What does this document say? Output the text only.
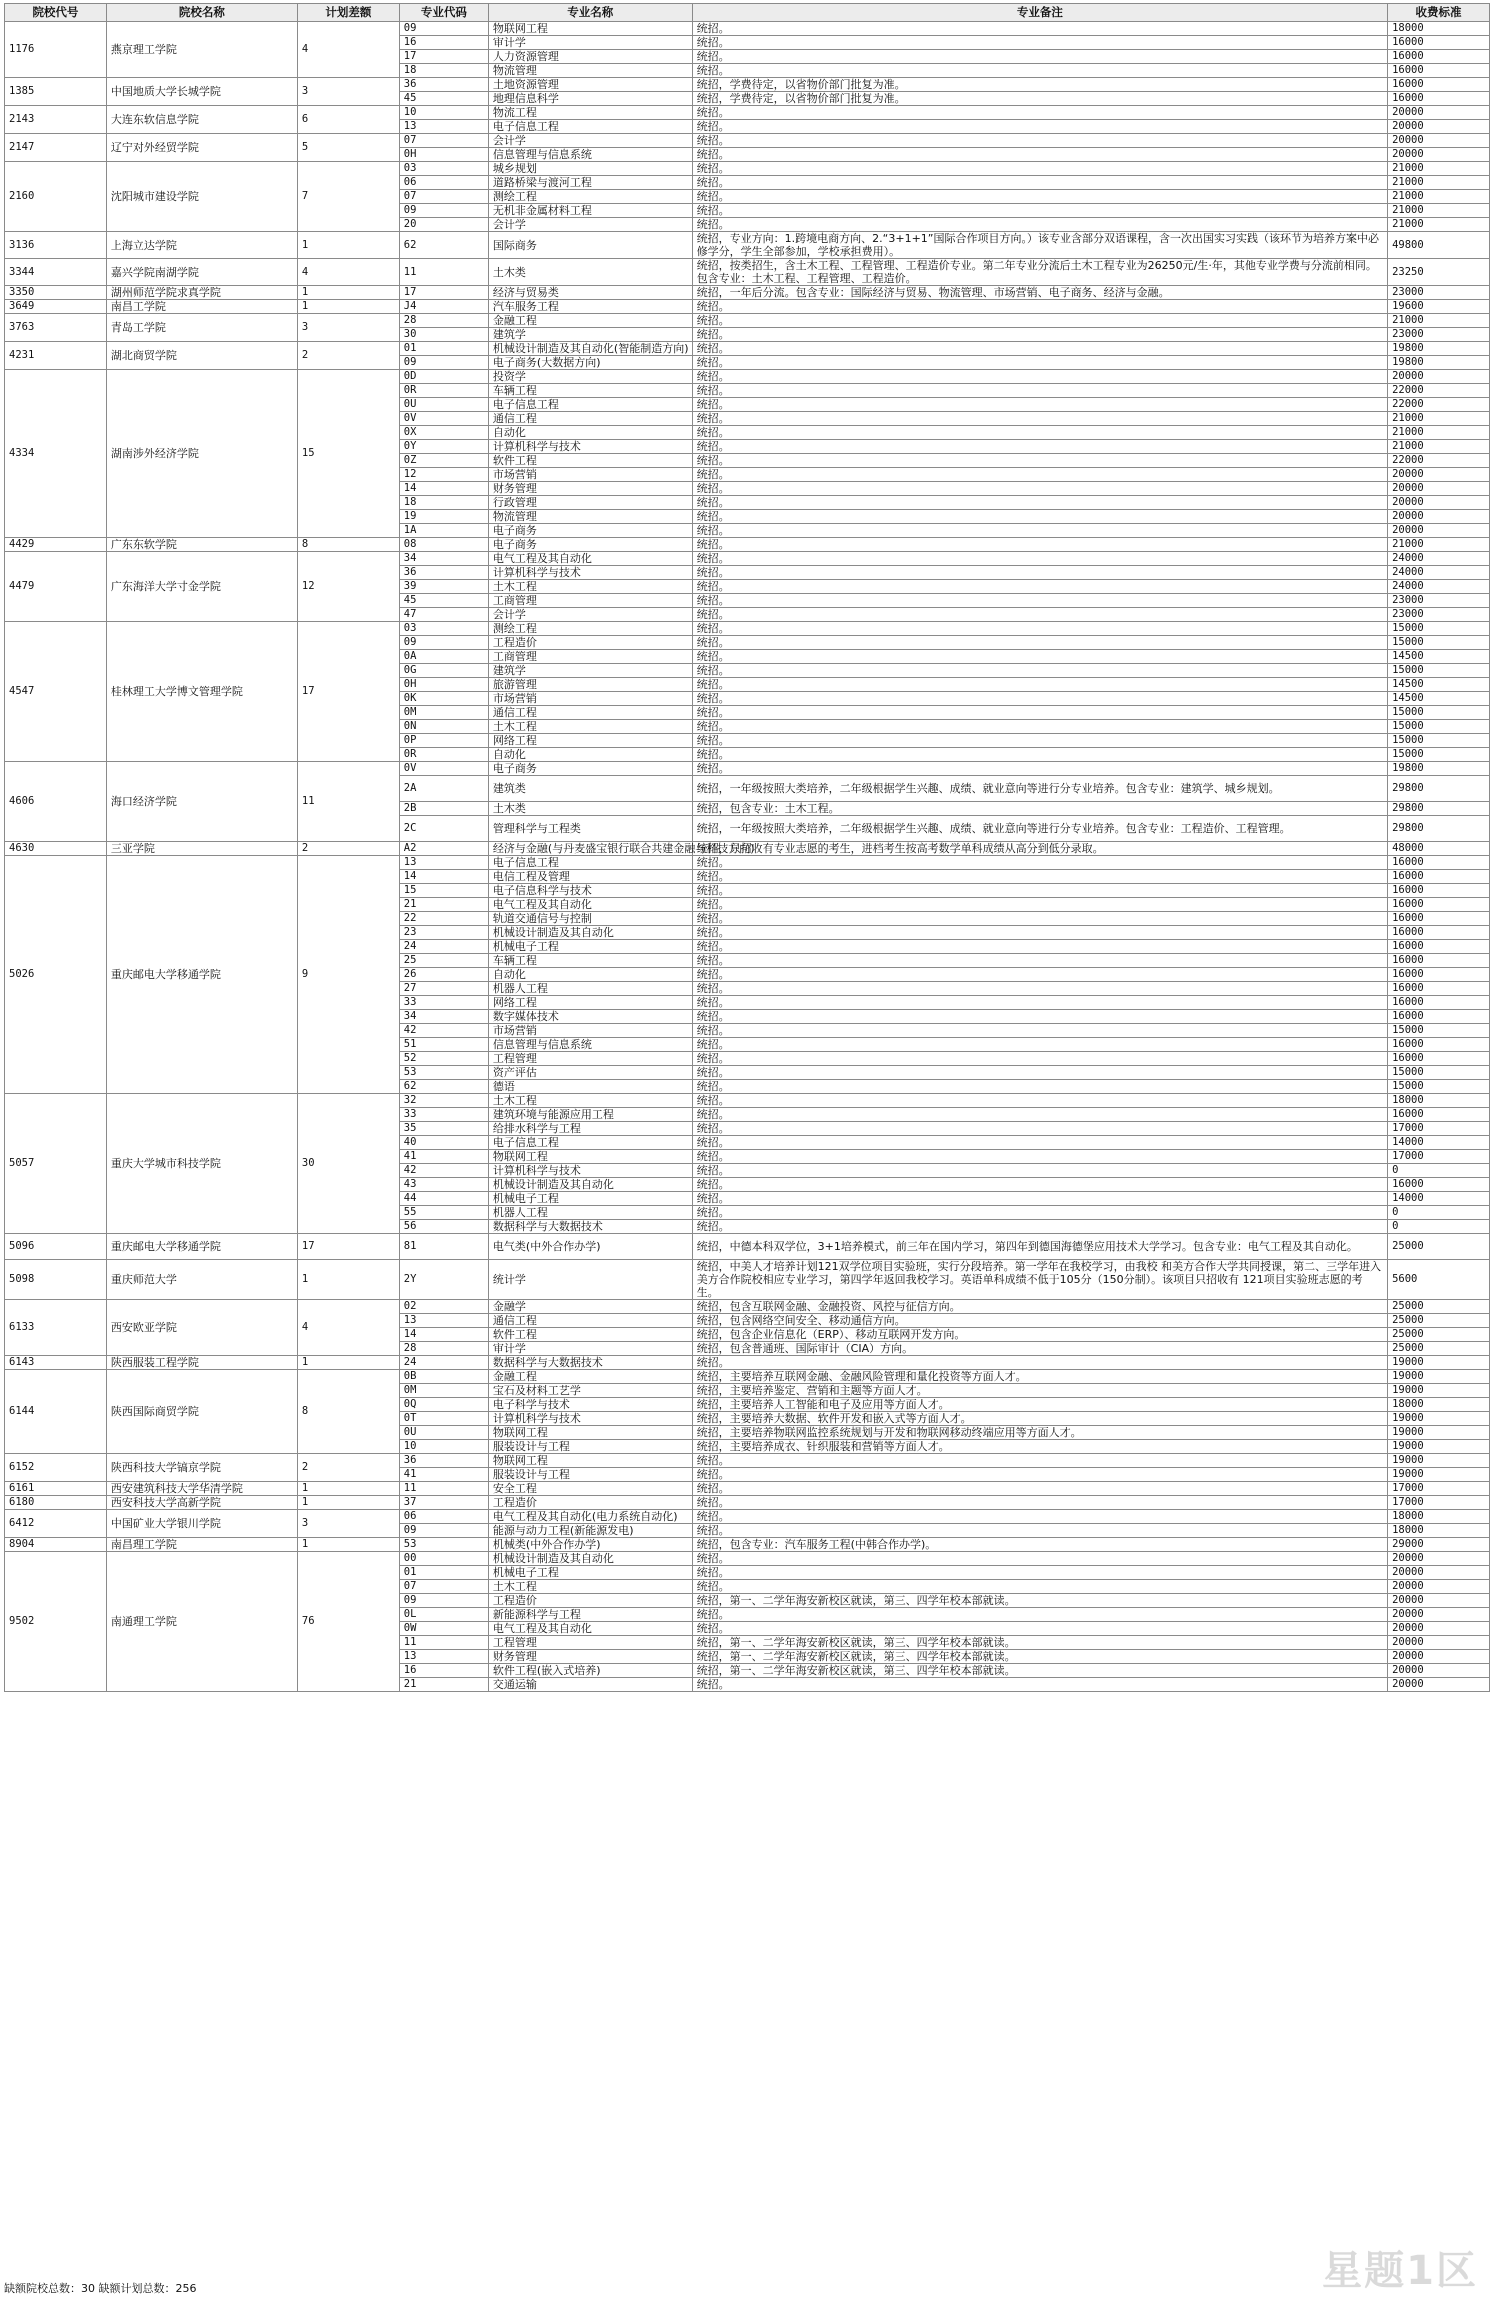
院校代号	院校名称	计划差额	专业代码	专业名称	专业备注	收费标准
1176	燕京理工学院	4	09	物联网工程	统招。	18000
			16	审计学	统招。	16000
			17	人力资源管理	统招。	16000
			18	物流管理	统招。	16000
1385	中国地质大学长城学院	3	36	土地资源管理	统招，学费待定，以省物价部门批复为准。	16000
			45	地理信息科学	统招，学费待定，以省物价部门批复为准。	16000
2143	大连东软信息学院	6	10	物流工程	统招。	20000
			13	电子信息工程	统招。	20000
2147	辽宁对外经贸学院	5	07	会计学	统招。	20000
			0H	信息管理与信息系统	统招。	20000
2160	沈阳城市建设学院	7	03	城乡规划	统招。	21000
			06	道路桥梁与渡河工程	统招。	21000
			07	测绘工程	统招。	21000
			09	无机非金属材料工程	统招。	21000
			20	会计学	统招。	21000
3136	上海立达学院	1	62	国际商务	统招，专业方向：1.跨境电商方向、2.“3+1+1”国际合作项目方向。）该专业含部分双语课程，含一次出国实习实践（该环节为培养方案中必修学分，学生全部参加，学校承担费用）。	49800
3344	嘉兴学院南湖学院	4	11	土木类	统招，按类招生，含土木工程、工程管理、工程造价专业。第二年专业分流后土木工程专业为26250元/生·年，其他专业学费与分流前相同。包含专业：土木工程、工程管理、工程造价。	23250
3350	湖州师范学院求真学院	1	17	经济与贸易类	统招，一年后分流。包含专业：国际经济与贸易、物流管理、市场营销、电子商务、经济与金融。	23000
3649	南昌工学院	1	J4	汽车服务工程	统招。	19600
3763	青岛工学院	3	28	金融工程	统招。	21000
			30	建筑学	统招。	23000
4231	湖北商贸学院	2	01	机械设计制造及其自动化(智能制造方向)	统招。	19800
			09	电子商务(大数据方向)	统招。	19800
4334	湖南涉外经济学院	15	0D	投资学	统招。	20000
			0R	车辆工程	统招。	22000
			0U	电子信息工程	统招。	22000
			0V	通信工程	统招。	21000
			0X	自动化	统招。	21000
			0Y	计算机科学与技术	统招。	21000
			0Z	软件工程	统招。	22000
			12	市场营销	统招。	20000
			14	财务管理	统招。	20000
			18	行政管理	统招。	20000
			19	物流管理	统招。	20000
			1A	电子商务	统招。	20000
4429	广东东软学院	8	08	电子商务	统招。	21000
4479	广东海洋大学寸金学院	12	34	电气工程及其自动化	统招。	24000
			36	计算机科学与技术	统招。	24000
			39	土木工程	统招。	24000
			45	工商管理	统招。	23000
			47	会计学	统招。	23000
4547	桂林理工大学博文管理学院	17	03	测绘工程	统招。	15000
			09	工程造价	统招。	15000
			0A	工商管理	统招。	14500
			0G	建筑学	统招。	15000
			0H	旅游管理	统招。	14500
			0K	市场营销	统招。	14500
			0M	通信工程	统招。	15000
			0N	土木工程	统招。	15000
			0P	网络工程	统招。	15000
			0R	自动化	统招。	15000
4606	海口经济学院	11	0V	电子商务	统招。	19800
			2A	建筑类	统招，一年级按照大类培养，二年级根据学生兴趣、成绩、就业意向等进行分专业培养。包含专业：建筑学、城乡规划。	29800
			2B	土木类	统招，包含专业：土木工程。	29800
			2C	管理科学与工程类	统招，一年级按照大类培养，二年级根据学生兴趣、成绩、就业意向等进行分专业培养。包含专业：工程造价、工程管理。	29800
4630	三亚学院	2	A2	经济与金融(与丹麦盛宝银行联合共建金融与科技方向)	统招，只招收有专业志愿的考生，进档考生按高考数学单科成绩从高分到低分录取。	48000
5026	重庆邮电大学移通学院	9	13	电子信息工程	统招。	16000
			14	电信工程及管理	统招。	16000
			15	电子信息科学与技术	统招。	16000
			21	电气工程及其自动化	统招。	16000
			22	轨道交通信号与控制	统招。	16000
			23	机械设计制造及其自动化	统招。	16000
			24	机械电子工程	统招。	16000
			25	车辆工程	统招。	16000
			26	自动化	统招。	16000
			27	机器人工程	统招。	16000
			33	网络工程	统招。	16000
			34	数字媒体技术	统招。	16000
			42	市场营销	统招。	15000
			51	信息管理与信息系统	统招。	16000
			52	工程管理	统招。	16000
			53	资产评估	统招。	15000
			62	德语	统招。	15000
5057	重庆大学城市科技学院	30	32	土木工程	统招。	18000
			33	建筑环境与能源应用工程	统招。	16000
			35	给排水科学与工程	统招。	17000
			40	电子信息工程	统招。	14000
			41	物联网工程	统招。	17000
			42	计算机科学与技术	统招。	0
			43	机械设计制造及其自动化	统招。	16000
			44	机械电子工程	统招。	14000
			55	机器人工程	统招。	0
			56	数据科学与大数据技术	统招。	0
5096	重庆邮电大学移通学院	17	81	电气类(中外合作办学)	统招，中德本科双学位，3+1培养模式，前三年在国内学习，第四年到德国海德堡应用技术大学学习。包含专业：电气工程及其自动化。	25000
5098	重庆师范大学	1	2Y	统计学	统招，中美人才培养计划121双学位项目实验班，实行分段培养。第一学年在我校学习，由我校 和美方合作大学共同授课，第二、三学年进入美方合作院校相应专业学习，第四学年返回我校学习。英语单科成绩不低于105分（150分制）。该项目只招收有 121项目实验班志愿的考生。	5600
6133	西安欧亚学院	4	02	金融学	统招，包含互联网金融、金融投资、风控与征信方向。	25000
			13	通信工程	统招，包含网络空间安全、移动通信方向。	25000
			14	软件工程	统招，包含企业信息化（ERP）、移动互联网开发方向。	25000
			28	审计学	统招，包含普通班、国际审计（CIA）方向。	25000
6143	陕西服装工程学院	1	24	数据科学与大数据技术	统招。	19000
6144	陕西国际商贸学院	8	0B	金融工程	统招，主要培养互联网金融、金融风险管理和量化投资等方面人才。	19000
			0M	宝石及材料工艺学	统招，主要培养鉴定、营销和主题等方面人才。	19000
			0Q	电子科学与技术	统招，主要培养人工智能和电子及应用等方面人才。	18000
			0T	计算机科学与技术	统招，主要培养大数据、软件开发和嵌入式等方面人才。	19000
			0U	物联网工程	统招，主要培养物联网监控系统规划与开发和物联网移动终端应用等方面人才。	19000
			10	服装设计与工程	统招，主要培养成衣、针织服装和营销等方面人才。	19000
6152	陕西科技大学镐京学院	2	36	物联网工程	统招。	19000
			41	服装设计与工程	统招。	19000
6161	西安建筑科技大学华清学院	1	11	安全工程	统招。	17000
6180	西安科技大学高新学院	1	37	工程造价	统招。	17000
6412	中国矿业大学银川学院	3	06	电气工程及其自动化(电力系统自动化)	统招。	18000
			09	能源与动力工程(新能源发电)	统招。	18000
8904	南昌理工学院	1	53	机械类(中外合作办学)	统招，包含专业：汽车服务工程(中韩合作办学)。	29000
9502	南通理工学院	76	00	机械设计制造及其自动化	统招。	20000
			01	机械电子工程	统招。	20000
			07	土木工程	统招。	20000
			09	工程造价	统招，第一、二学年海安新校区就读，第三、四学年校本部就读。	20000
			0L	新能源科学与工程	统招。	20000
			0W	电气工程及其自动化	统招。	20000
			11	工程管理	统招，第一、二学年海安新校区就读，第三、四学年校本部就读。	20000
			13	财务管理	统招，第一、二学年海安新校区就读，第三、四学年校本部就读。	20000
			16	软件工程(嵌入式培养)	统招，第一、二学年海安新校区就读，第三、四学年校本部就读。	20000
			21	交通运输	统招。	20000
缺额院校总数：30 缺额计划总数：256	星题1区
